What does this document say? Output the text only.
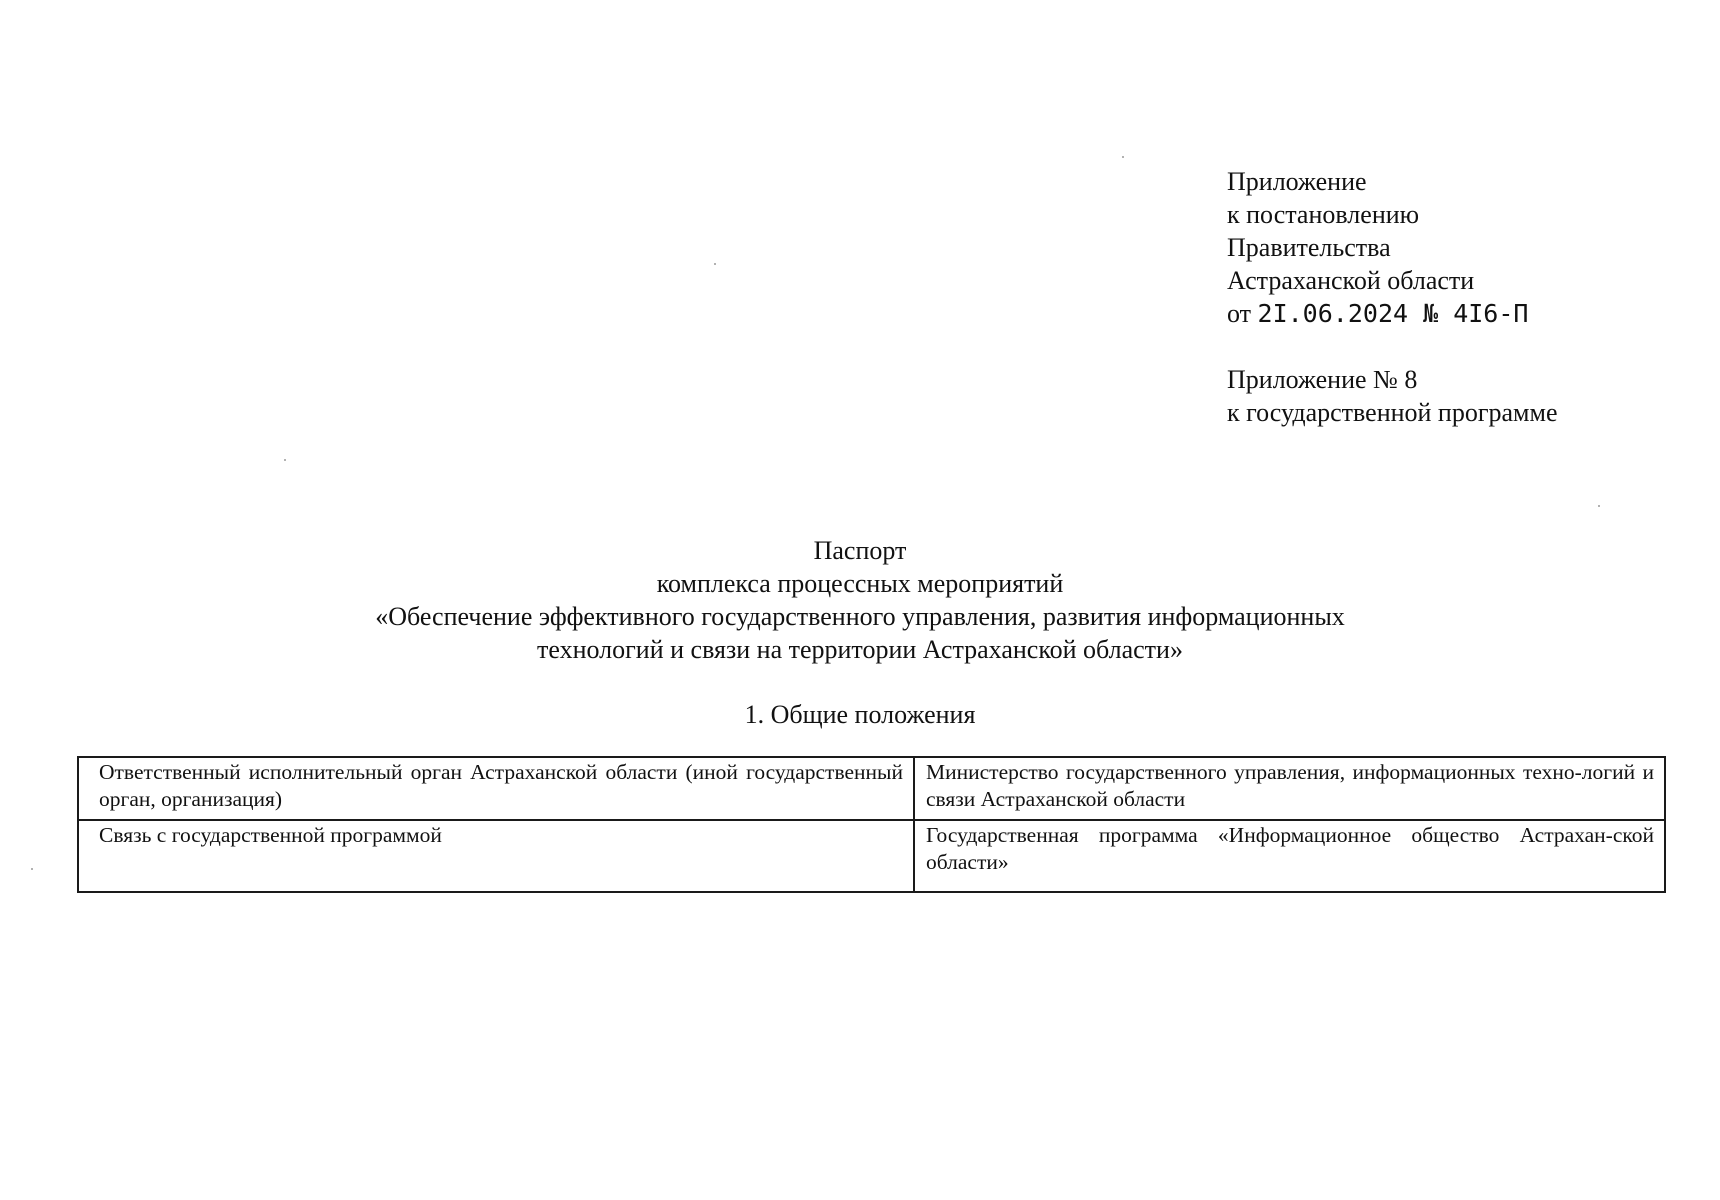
Приложение
к постановлению
Правительства
Астраханской области
от 2I.06.2024 № 4I6-П
Приложение № 8
к государственной программе
Паспорт
комплекса процессных мероприятий
«Обеспечение эффективного государственного управления, развития информационных
технологий и связи на территории Астраханской области»
1. Общие положения
Ответственный исполнительный орган Астраханской области (иной государственный орган, организация)	Министерство государственного управления, информационных техно-логий и связи Астраханской области
Связь с государственной программой	Государственная программа «Информационное общество Астрахан-ской области»
